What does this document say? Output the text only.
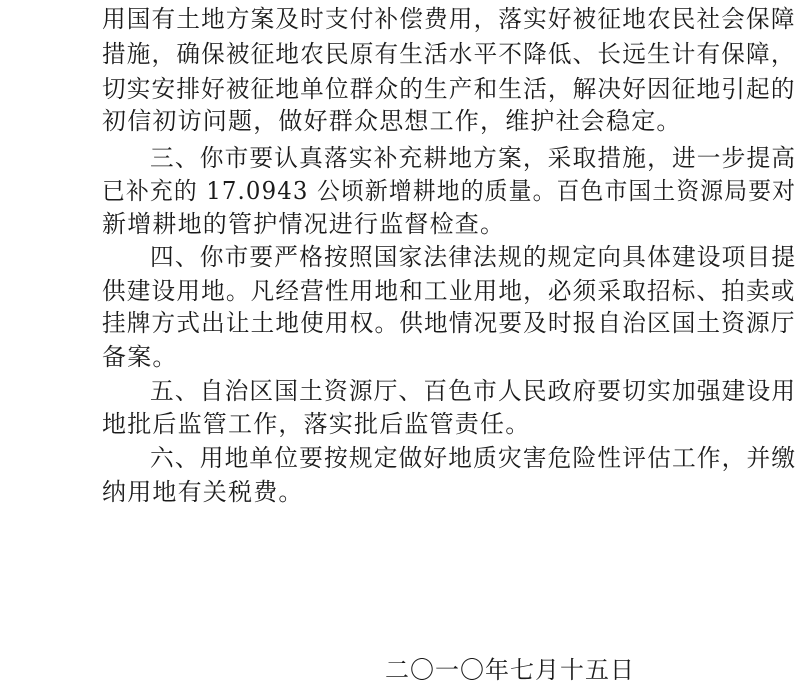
用国有土地方案及时支付补偿费用，落实好被征地农民社会保障
措施，确保被征地农民原有生活水平不降低、长远生计有保障，
切实安排好被征地单位群众的生产和生活，解决好因征地引起的
初信初访问题，做好群众思想工作，维护社会稳定。
三、你市要认真落实补充耕地方案，采取措施，进一步提高
已补充的 17.0943 公顷新增耕地的质量。百色市国土资源局要对
新增耕地的管护情况进行监督检查。
四、你市要严格按照国家法律法规的规定向具体建设项目提
供建设用地。凡经营性用地和工业用地，必须采取招标、拍卖或
挂牌方式出让土地使用权。供地情况要及时报自治区国土资源厅
备案。
五、自治区国土资源厅、百色市人民政府要切实加强建设用
地批后监管工作，落实批后监管责任。
六、用地单位要按规定做好地质灾害危险性评估工作，并缴
纳用地有关税费。
二〇一〇年七月十五日
